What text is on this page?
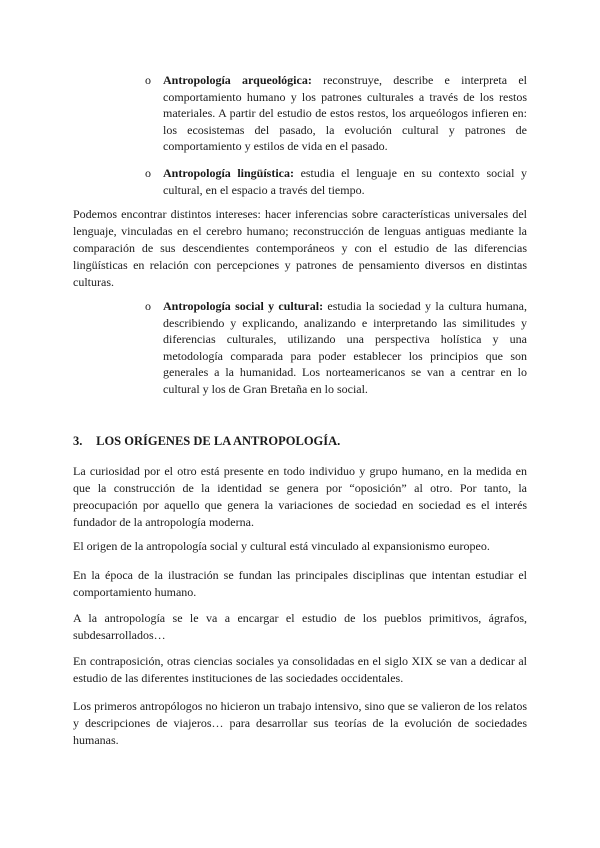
o Antropología arqueológica: reconstruye, describe e interpreta el comportamiento humano y los patrones culturales a través de los restos materiales. A partir del estudio de estos restos, los arqueólogos infieren en: los ecosistemas del pasado, la evolución cultural y patrones de comportamiento y estilos de vida en el pasado.
o Antropología lingüística: estudia el lenguaje en su contexto social y cultural, en el espacio a través del tiempo.

Podemos encontrar distintos intereses: hacer inferencias sobre características universales del lenguaje, vinculadas en el cerebro humano; reconstrucción de lenguas antiguas mediante la comparación de sus descendientes contemporáneos y con el estudio de las diferencias lingüísticas en relación con percepciones y patrones de pensamiento diversos en distintas culturas.

o Antropología social y cultural: estudia la sociedad y la cultura humana, describiendo y explicando, analizando e interpretando las similitudes y diferencias culturales, utilizando una perspectiva holística y una metodología comparada para poder establecer los principios que son generales a la humanidad. Los norteamericanos se van a centrar en lo cultural y los de Gran Bretaña en lo social.
3. LOS ORÍGENES DE LA ANTROPOLOGÍA.

La curiosidad por el otro está presente en todo individuo y grupo humano, en la medida en que la construcción de la identidad se genera por “oposición” al otro. Por tanto, la preocupación por aquello que genera la variaciones de sociedad en sociedad es el interés fundador de la antropología moderna.

El origen de la antropología social y cultural está vinculado al expansionismo europeo.

En la época de la ilustración se fundan las principales disciplinas que intentan estudiar el comportamiento humano.

A la antropología se le va a encargar el estudio de los pueblos primitivos, ágrafos, subdesarrollados…

En contraposición, otras ciencias sociales ya consolidadas en el siglo XIX se van a dedicar al estudio de las diferentes instituciones de las sociedades occidentales.

Los primeros antropólogos no hicieron un trabajo intensivo, sino que se valieron de los relatos y descripciones de viajeros… para desarrollar sus teorías de la evolución de sociedades humanas.
